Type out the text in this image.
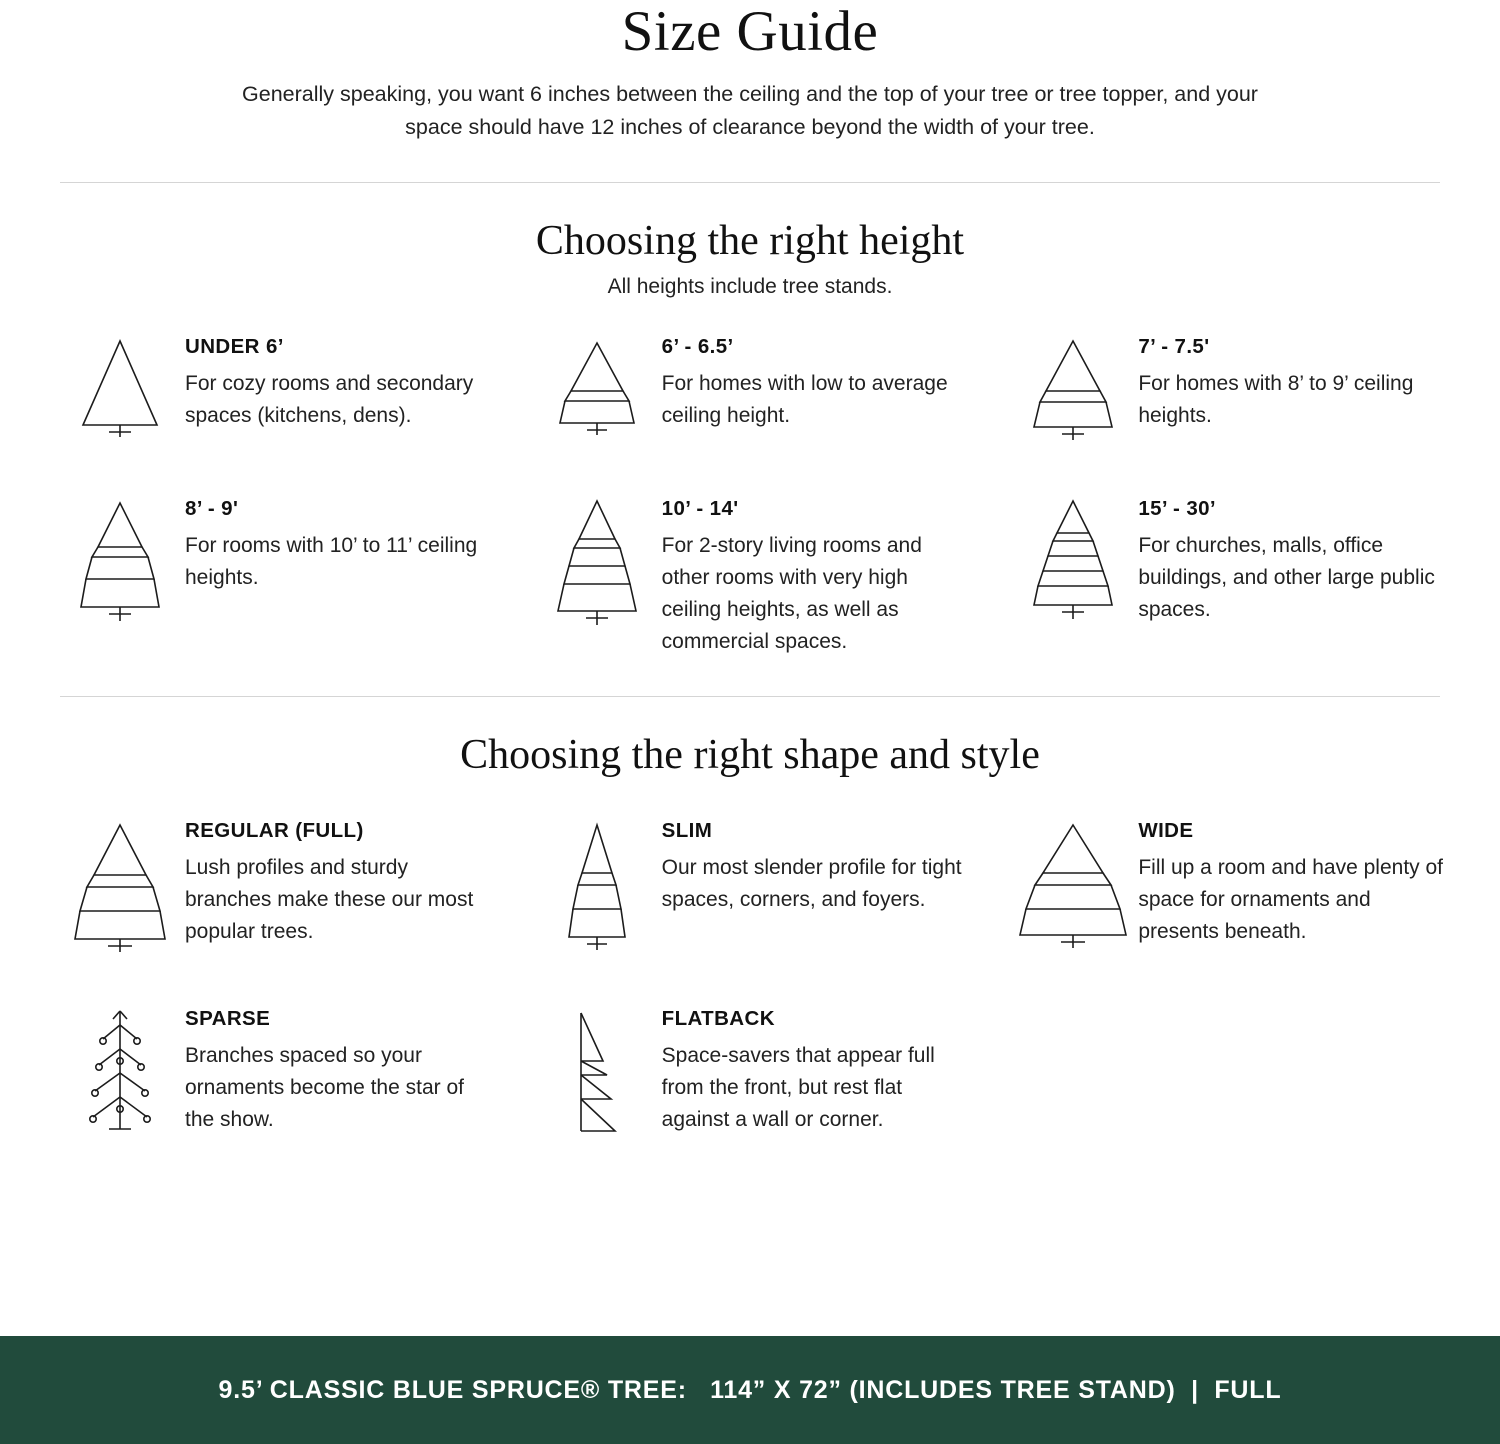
Size Guide

Generally speaking, you want 6 inches between the ceiling and the top of your tree or tree topper, and your space should have 12 inches of clearance beyond the width of your tree.

Choosing the right height

All heights include tree stands.

UNDER 6’

For cozy rooms and secondary spaces (kitchens, dens).

6’ - 6.5’

For homes with low to average ceiling height.

7’ - 7.5'

For homes with 8’ to 9’ ceiling heights.

8’ - 9'

For rooms with 10’ to 11’ ceiling heights.

10’ - 14'

For 2-story living rooms and other rooms with very high ceiling heights, as well as commercial spaces.

15’ - 30’

For churches, malls, office buildings, and other large public spaces.

Choosing the right shape and style

REGULAR (FULL)

Lush profiles and sturdy branches make these our most popular trees.

SLIM

Our most slender profile for tight spaces, corners, and foyers.

WIDE

Fill up a room and have plenty of space for ornaments and presents beneath.

SPARSE

Branches spaced so your ornaments become the star of the show.

FLATBACK

Space-savers that appear full from the front, but rest flat against a wall or corner.

9.5’ CLASSIC BLUE SPRUCE® TREE:   114” X 72” (INCLUDES TREE STAND)  |  FULL
